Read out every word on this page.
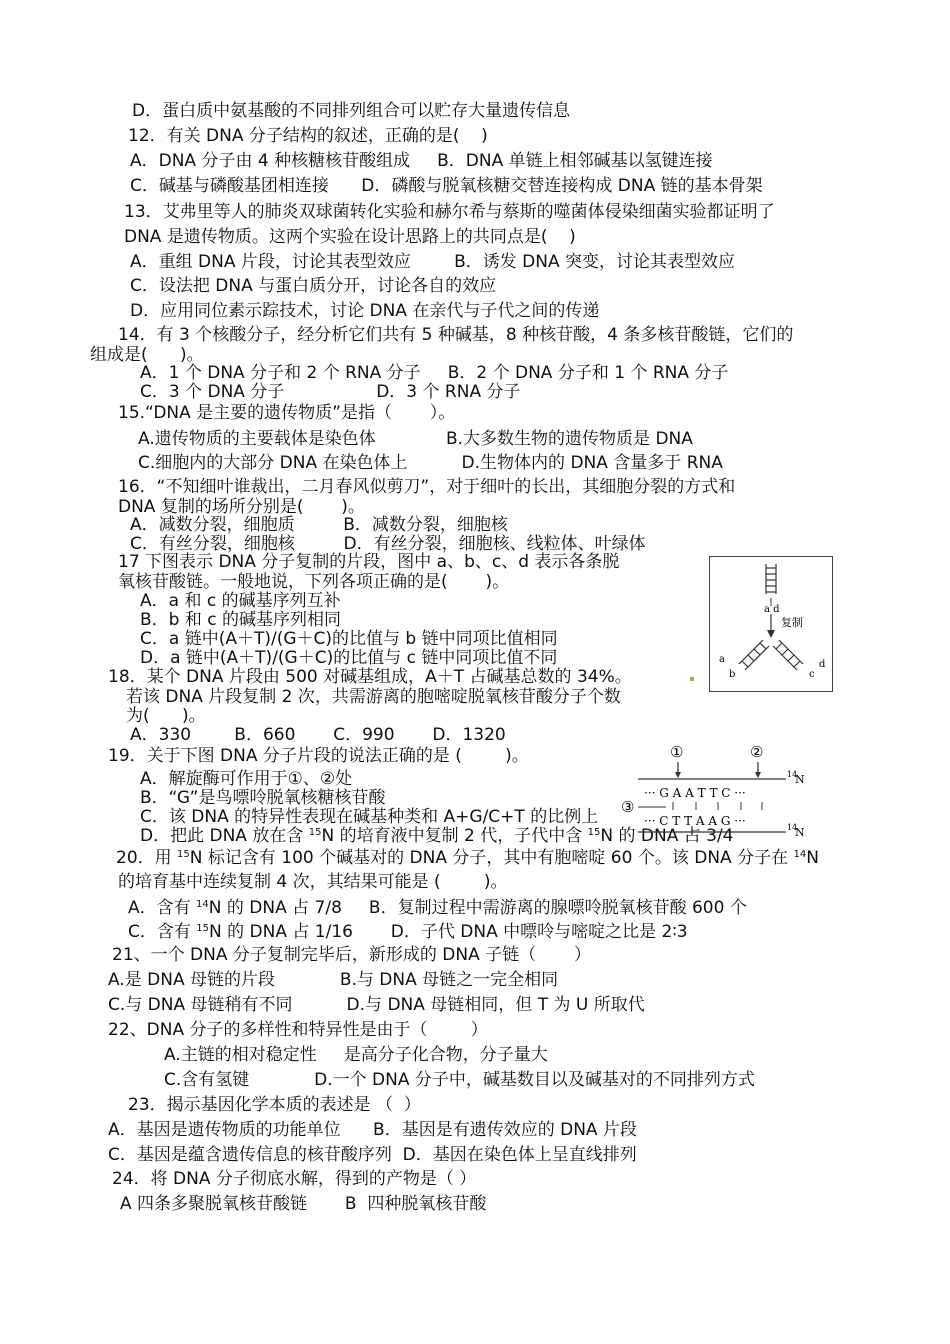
D．蛋白质中氨基酸的不同排列组合可以贮存大量遗传信息
12．有关 DNA 分子结构的叙述，正确的是(    )
A．DNA 分子由 4 种核糖核苷酸组成     B．DNA 单链上相邻碱基以氢键连接
C．碱基与磷酸基团相连接      D．磷酸与脱氧核糖交替连接构成 DNA 链的基本骨架
13．艾弗里等人的肺炎双球菌转化实验和赫尔希与蔡斯的噬菌体侵染细菌实验都证明了
DNA 是遗传物质。这两个实验在设计思路上的共同点是(    )
A．重组 DNA 片段，讨论其表型效应        B．诱发 DNA 突变，讨论其表型效应
C．设法把 DNA 与蛋白质分开，讨论各自的效应
D．应用同位素示踪技术，讨论 DNA 在亲代与子代之间的传递
14．有 3 个核酸分子，经分析它们共有 5 种碱基，8 种核苷酸，4 条多核苷酸链，它们的
组成是(      )。
A．1 个 DNA 分子和 2 个 RNA 分子     B．2 个 DNA 分子和 1 个 RNA 分子
C．3 个 DNA 分子                 D．3 个 RNA 分子
15.“DNA 是主要的遗传物质”是指（       ）。
A.遗传物质的主要载体是染色体             B.大多数生物的遗传物质是 DNA
C.细胞内的大部分 DNA 在染色体上          D.生物体内的 DNA 含量多于 RNA
16．“不知细叶谁裁出，二月春风似剪刀”，对于细叶的长出，其细胞分裂的方式和
DNA 复制的场所分别是(       )。
A．减数分裂，细胞质         B．减数分裂，细胞核
C．有丝分裂，细胞核         D．有丝分裂，细胞核、线粒体、叶绿体
17 下图表示 DNA 分子复制的片段，图中 a、b、c、d 表示各条脱
氧核苷酸链。一般地说，下列各项正确的是(       )。
A．a 和 c 的碱基序列互补
B．b 和 c 的碱基序列相同
C．a 链中(A＋T)/(G＋C)的比值与 b 链中同项比值相同
D．a 链中(A＋T)/(G＋C)的比值与 c 链中同项比值不同
18．某个 DNA 片段由 500 对碱基组成，A＋T 占碱基总数的 34%。
若该 DNA 片段复制 2 次，共需游离的胞嘧啶脱氧核苷酸分子个数
为(      )。
A．330        B．660       C．990       D．1320
19．关于下图 DNA 分子片段的说法正确的是 (        )。
A．解旋酶可作用于①、②处
B．“G”是鸟嘌呤脱氧核糖核苷酸
C．该 DNA 的特异性表现在碱基种类和 A+G/C+T 的比例上
D．把此 DNA 放在含 $^{15}$N 的培育液中复制 2 代，子代中含 $^{15}$N 的 DNA 占 3/4
20．用 $^{15}$N 标记含有 100 个碱基对的 DNA 分子，其中有胞嘧啶 60 个。该 DNA 分子在 $^{14}$N
的培育基中连续复制 4 次，其结果可能是 (        )。
A．含有 $^{14}$N 的 DNA 占 7/8     B．复制过程中需游离的腺嘌呤脱氧核苷酸 600 个
C．含有 $^{15}$N 的 DNA 占 1/16       D．子代 DNA 中嘌呤与嘧啶之比是 2∶3
21、一个 DNA 分子复制完毕后，新形成的 DNA 子链（       ）
A.是 DNA 母链的片段            B.与 DNA 母链之一完全相同
C.与 DNA 母链稍有不同          D.与 DNA 母链相同，但 T 为 U 所取代
22、DNA 分子的多样性和特异性是由于（        ）
A.主链的相对稳定性     是高分子化合物，分子量大
C.含有氢键            D.一个 DNA 分子中，碱基数目以及碱基对的不同排列方式
23．揭示基因化学本质的表述是 （  ）
A．基因是遗传物质的功能单位      B．基因是有遗传效应的 DNA 片段
C．基因是蕴含遗传信息的核苷酸序列  D．基因在染色体上呈直线排列
24．将 DNA 分子彻底水解，得到的产物是（ ）
A 四条多聚脱氧核苷酸链       B  四种脱氧核苷酸
a d
复制
a
b	c
d
①	②
14
N
··· G A A T T C ···
③
··· C T T A A G ···	14
N
